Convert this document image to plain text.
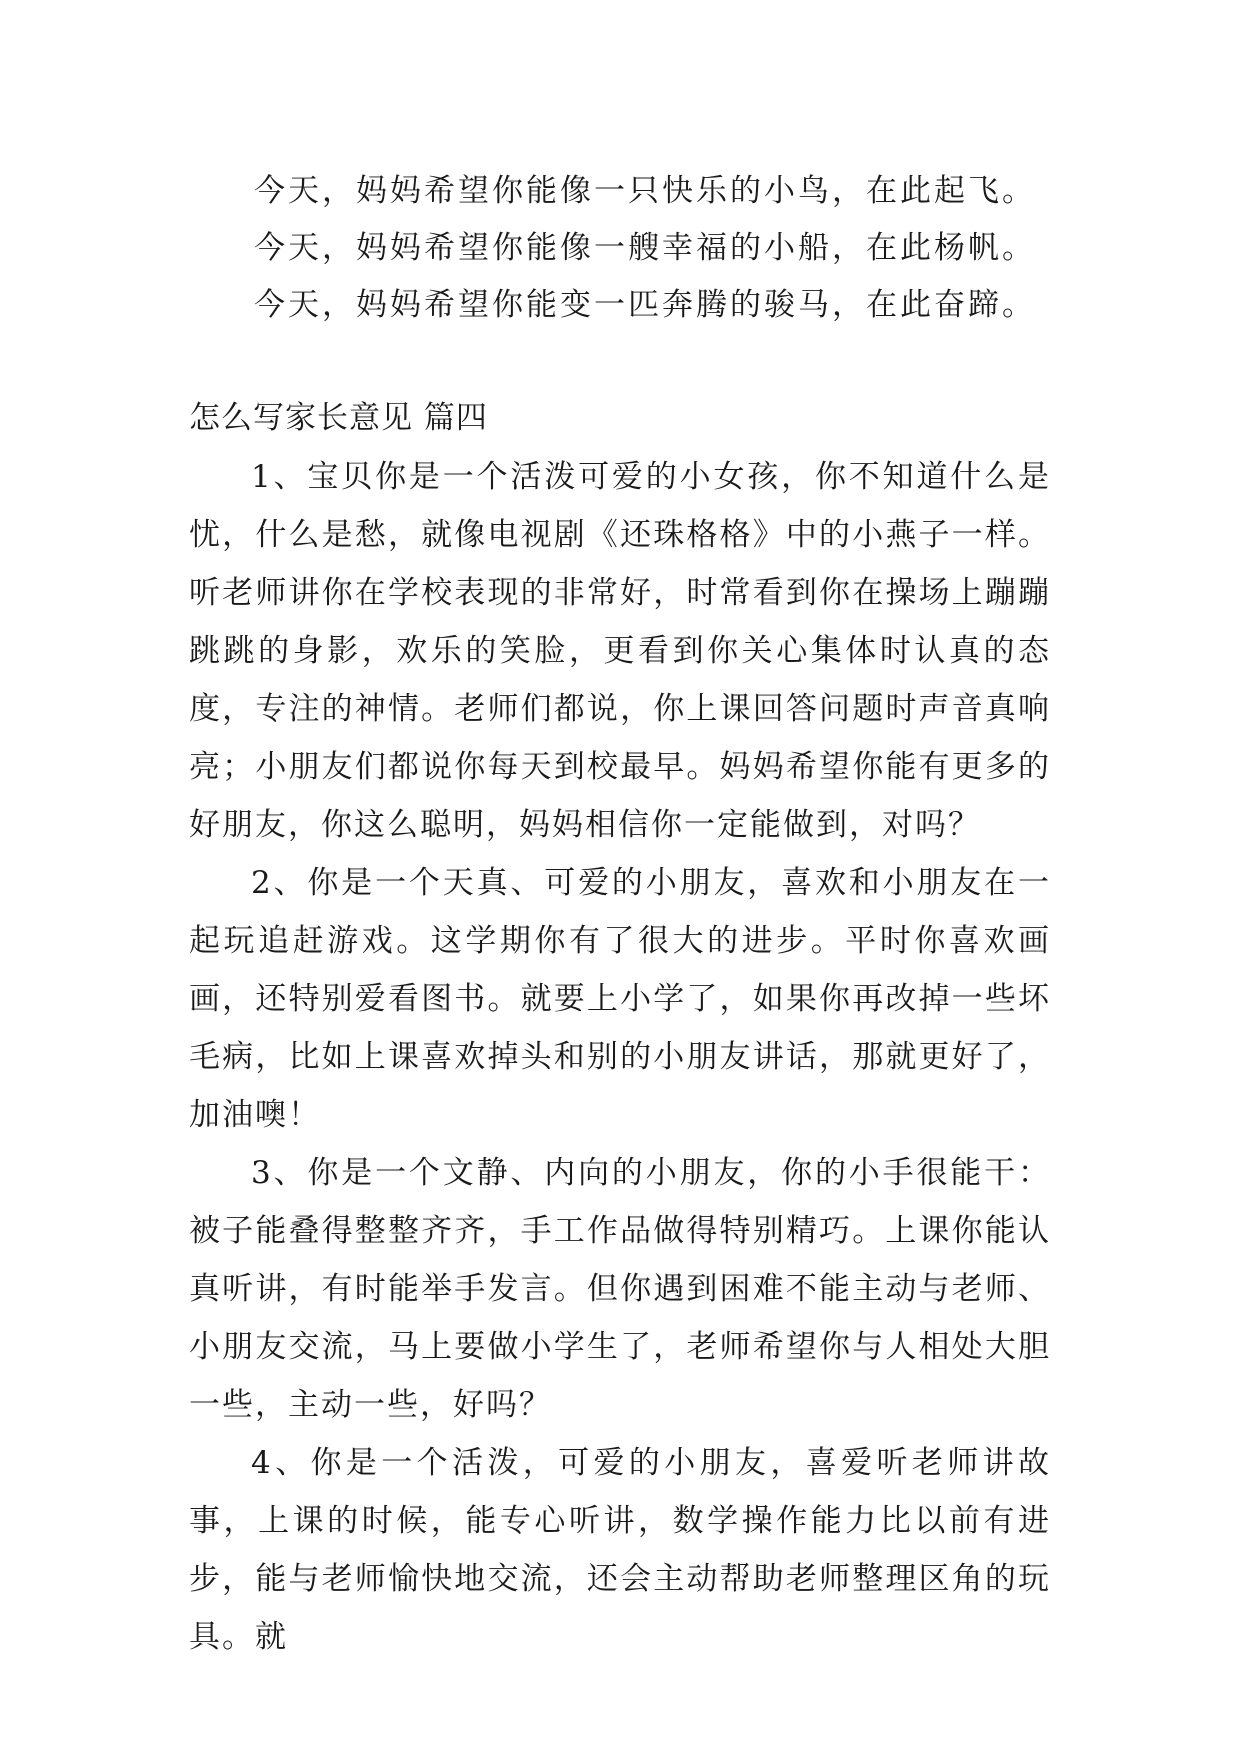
今天，妈妈希望你能像一只快乐的小鸟，在此起飞。
今天，妈妈希望你能像一艘幸福的小船，在此杨帆。
今天，妈妈希望你能变一匹奔腾的骏马，在此奋蹄。
怎么写家长意见 篇四

1、宝贝你是一个活泼可爱的小女孩，你不知道什么是忧，什么是愁，就像电视剧《还珠格格》中的小燕子一样。听老师讲你在学校表现的非常好，时常看到你在操场上蹦蹦跳跳的身影，欢乐的笑脸，更看到你关心集体时认真的态度，专注的神情。老师们都说，你上课回答问题时声音真响亮；小朋友们都说你每天到校最早。妈妈希望你能有更多的好朋友，你这么聪明，妈妈相信你一定能做到，对吗？

2、你是一个天真、可爱的小朋友，喜欢和小朋友在一起玩追赶游戏。这学期你有了很大的进步。平时你喜欢画画，还特别爱看图书。就要上小学了，如果你再改掉一些坏毛病，比如上课喜欢掉头和别的小朋友讲话，那就更好了，加油噢！

3、你是一个文静、内向的小朋友，你的小手很能干：被子能叠得整整齐齐，手工作品做得特别精巧。上课你能认真听讲，有时能举手发言。但你遇到困难不能主动与老师、小朋友交流，马上要做小学生了，老师希望你与人相处大胆一些，主动一些，好吗？

4、你是一个活泼，可爱的小朋友，喜爱听老师讲故事，上课的时候，能专心听讲，数学操作能力比以前有进步，能与老师愉快地交流，还会主动帮助老师整理区角的玩具。就
